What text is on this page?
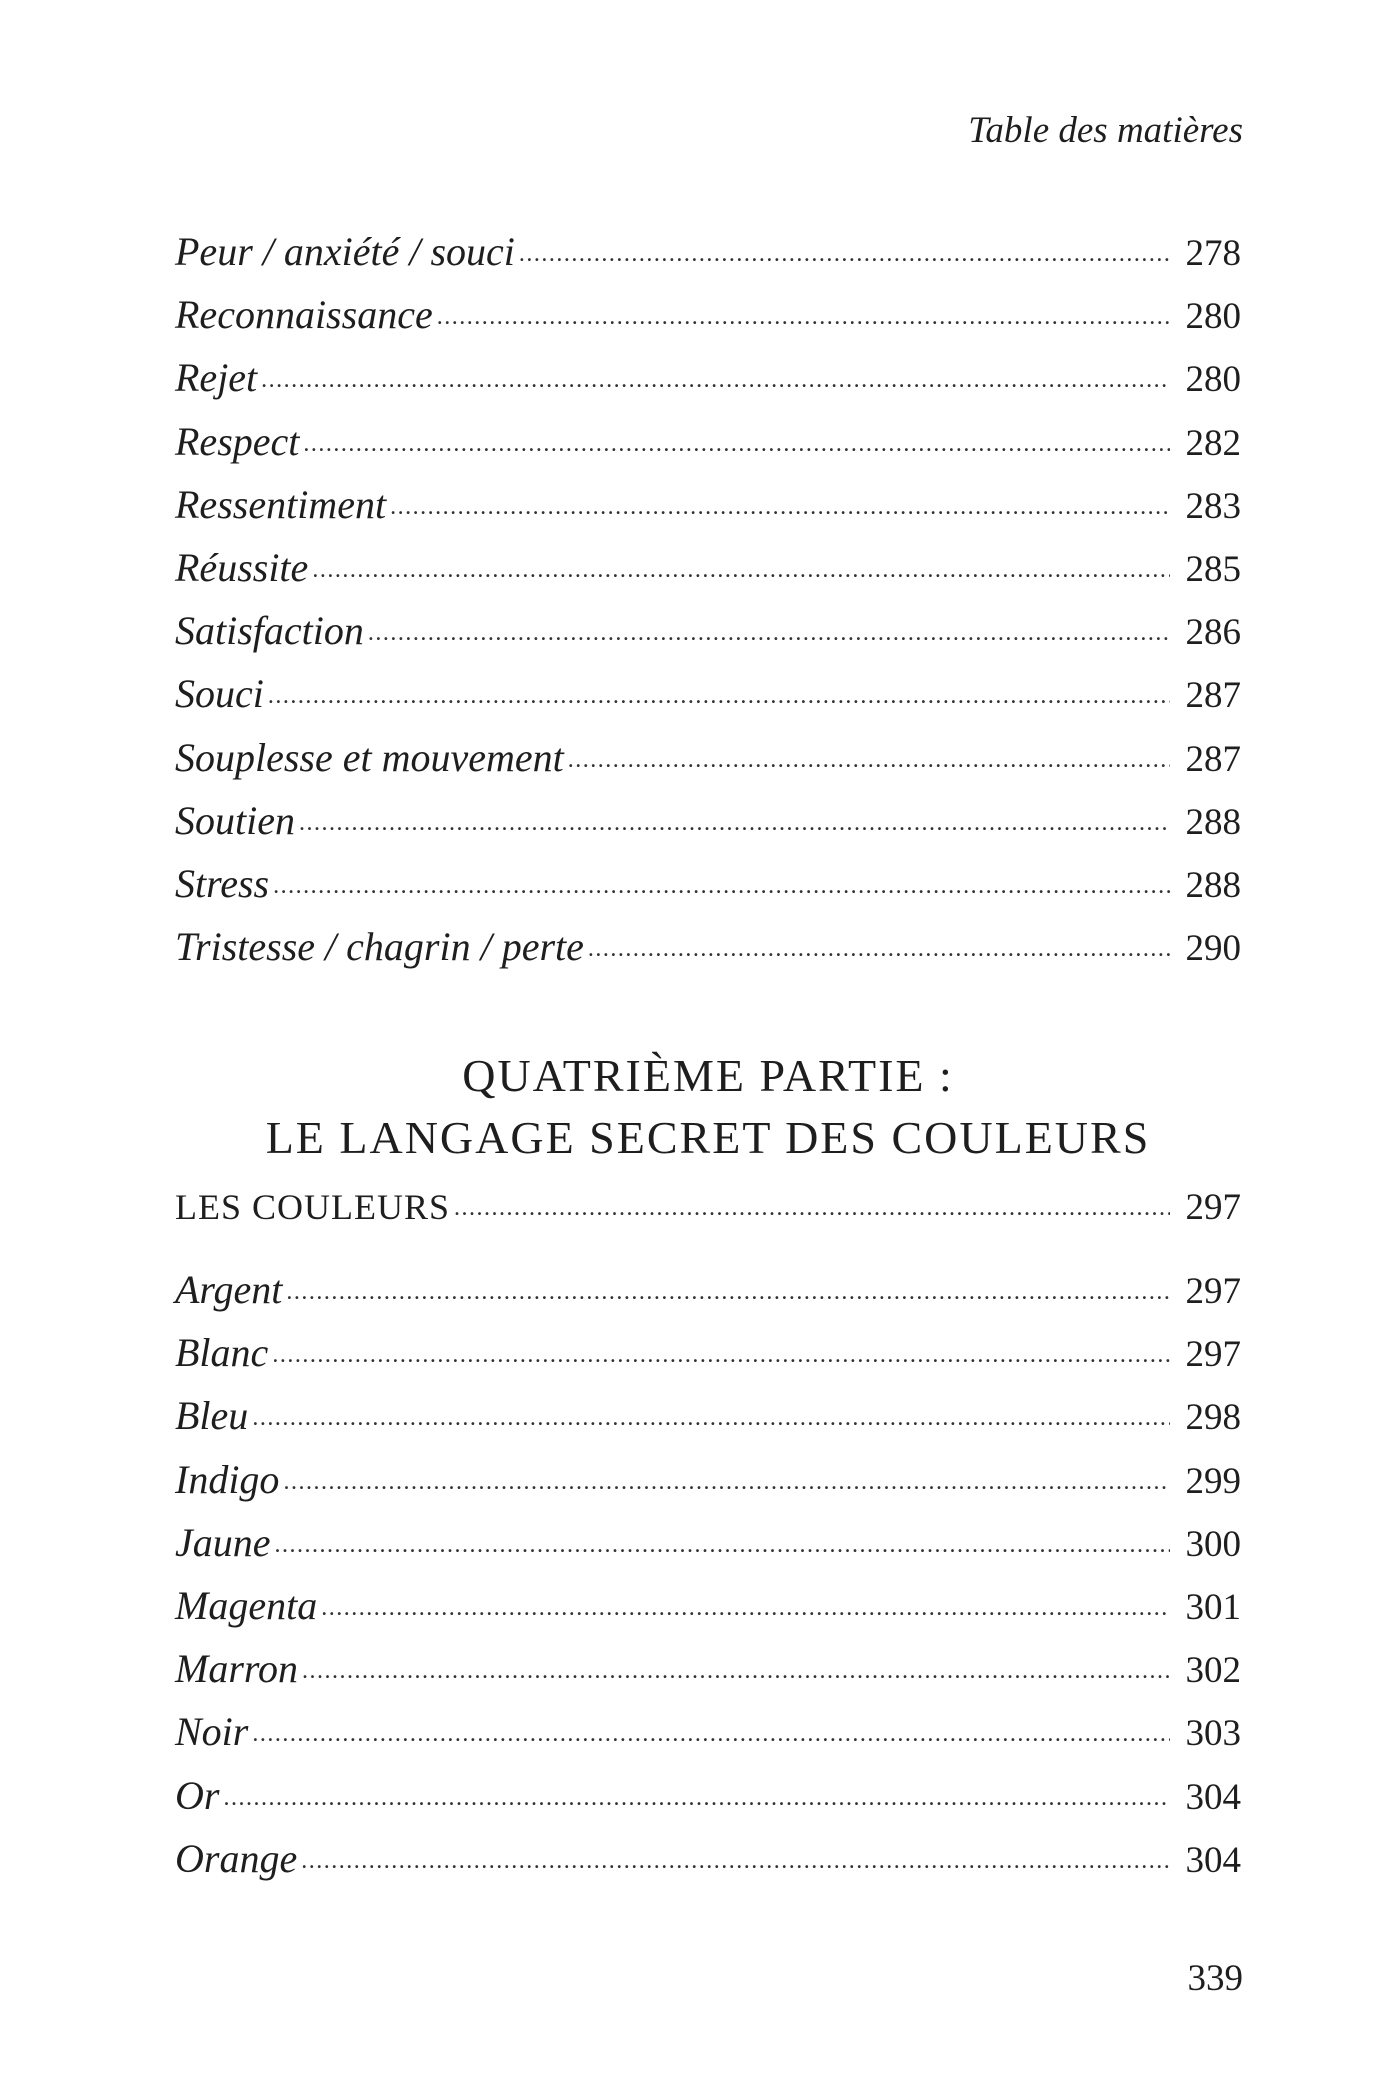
Table des matières
Peur / anxiété / souci .....	278
Reconnaissance .....	280
Rejet .....	280
Respect .....	282
Ressentiment .....	283
Réussite .....	285
Satisfaction .....	286
Souci .....	287
Souplesse et mouvement .....	287
Soutien .....	288
Stress .....	288
Tristesse / chagrin / perte .....	290
QUATRIÈME PARTIE :
LE LANGAGE SECRET DES COULEURS
LES COULEURS .....	297
Argent .....	297
Blanc .....	297
Bleu .....	298
Indigo .....	299
Jaune .....	300
Magenta .....	301
Marron .....	302
Noir .....	303
Or .....	304
Orange .....	304
339
